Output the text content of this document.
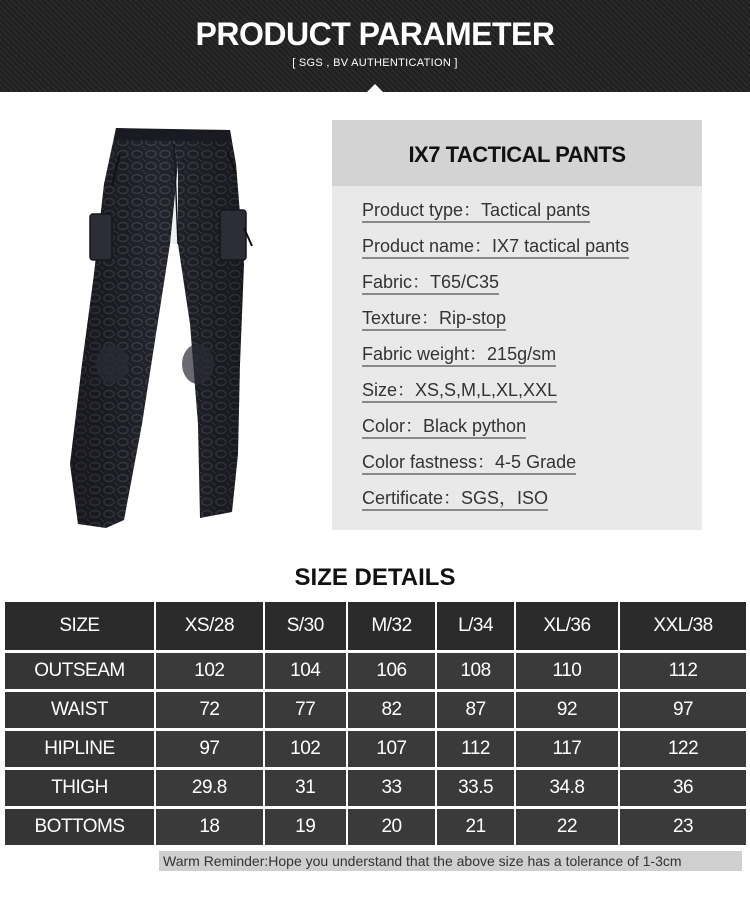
PRODUCT PARAMETER
[ SGS , BV AUTHENTICATION ]
IX7 TACTICAL PANTS
Product type：Tactical pants
Product name：IX7 tactical pants
Fabric：T65/C35
Texture：Rip-stop
Fabric weight：215g/sm
Size：XS,S,M,L,XL,XXL
Color：Black python
Color fastness：4-5 Grade
Certificate：SGS，ISO
SIZE DETAILS
SIZE	XS/28	S/30	M/32	L/34	XL/36	XXL/38
OUTSEAM	102	104	106	108	110	112
WAIST	72	77	82	87	92	97
HIPLINE	97	102	107	112	117	122
THIGH	29.8	31	33	33.5	34.8	36
BOTTOMS	18	19	20	21	22	23
Warm Reminder:Hope you understand that the above size has a tolerance of 1-3cm
